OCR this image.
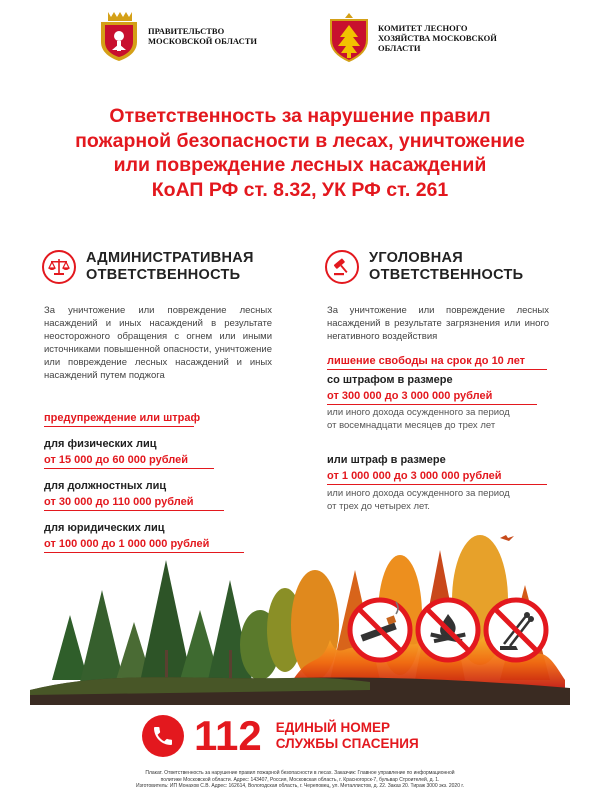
ПРАВИТЕЛЬСТВО МОСКОВСКОЙ ОБЛАСТИ
КОМИТЕТ ЛЕСНОГО ХОЗЯЙСТВА МОСКОВСКОЙ ОБЛАСТИ
Ответственность за нарушение правил
пожарной безопасности в лесах, уничтожение
или повреждение лесных насаждений
КоАП РФ ст. 8.32, УК РФ ст. 261
АДМИНИСТРАТИВНАЯ
ОТВЕТСТВЕННОСТЬ

За уничтожение или повреждение лесных насаждений и иных насаждений в результате неосторожного обращения с огнем или иными источниками повышенной опасности, уничтожение или повреждение лесных насаждений и иных насаждений путем поджога

предупреждение или штраф

для физических лиц

от 15 000 до 60 000 рублей

для должностных лиц

от 30 000 до 110 000 рублей

для юридических лиц

от 100 000 до 1 000 000 рублей

УГОЛОВНАЯ
ОТВЕТСТВЕННОСТЬ

За уничтожение или повреждение лесных насаждений в результате загрязнения или иного негативного воздействия

лишение свободы на срок до 10 лет

со штрафом в размере

от 300 000 до 3 000 000 рублей

или иного дохода осужденного за период

от восемнадцати месяцев до трех лет

или штраф в размере

от 1 000 000 до 3 000 000 рублей

или иного дохода осужденного за период

от трех до четырех лет.

112 ЕДИНЫЙ НОМЕР
СЛУЖБЫ СПАСЕНИЯ

Плакат. Ответственность за нарушение правил пожарной безопасности в лесах. Заказчик: Главное управление по информационной
политике Московской области. Адрес: 143407, Россия, Московская область, г. Красногорск-7, бульвар Строителей, д. 1.
Изготовитель: ИП Монахов С.В. Адрес: 162614, Вологодская область, г. Череповец, ул. Металлистов, д. 22. Заказ 20. Тираж 3000 экз. 2020 г.
